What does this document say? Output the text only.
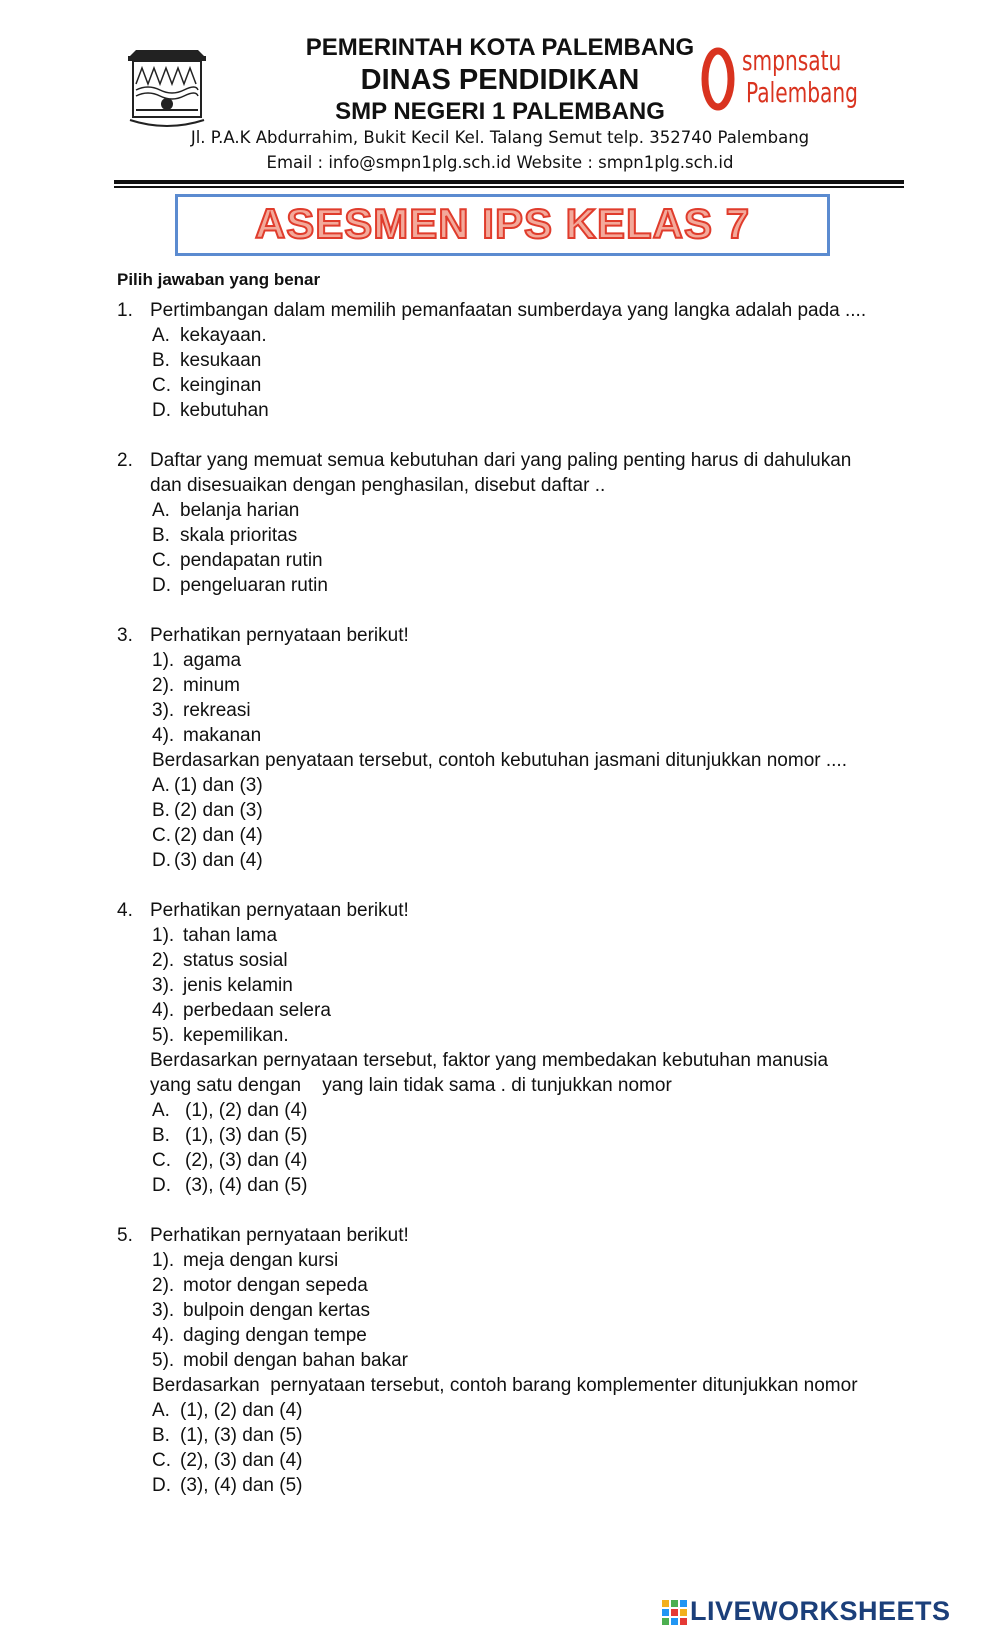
smpnsatu
Palembang
PEMERINTAH KOTA PALEMBANG
DINAS PENDIDIKAN
SMP NEGERI 1 PALEMBANG
Jl. P.A.K Abdurrahim, Bukit Kecil Kel. Talang Semut telp. 352740 Palembang
Email : info@smpn1plg.sch.id Website : smpn1plg.sch.id
ASESMEN IPS KELAS 7
Pilih jawaban yang benar
1. Pertimbangan dalam memilih pemanfaatan sumberdaya yang langka adalah pada ....
A. kekayaan.
B. kesukaan
C. keinginan
D. kebutuhan
2. Daftar yang memuat semua kebutuhan dari yang paling penting harus di dahulukan
dan disesuaikan dengan penghasilan, disebut daftar ..
A. belanja harian
B. skala prioritas
C. pendapatan rutin
D. pengeluaran rutin
3. Perhatikan pernyataan berikut!
1). agama
2). minum
3). rekreasi
4). makanan
Berdasarkan penyataan tersebut, contoh kebutuhan jasmani ditunjukkan nomor ....
A. (1) dan (3)
B. (2) dan (3)
C. (2) dan (4)
D. (3) dan (4)
4. Perhatikan pernyataan berikut!
1). tahan lama
2). status sosial
3). jenis kelamin
4). perbedaan selera
5). kepemilikan.
Berdasarkan pernyataan tersebut, faktor yang membedakan kebutuhan manusia
yang satu dengan    yang lain tidak sama . di tunjukkan nomor
A. (1), (2) dan (4)
B. (1), (3) dan (5)
C. (2), (3) dan (4)
D. (3), (4) dan (5)
5. Perhatikan pernyataan berikut!
1). meja dengan kursi
2). motor dengan sepeda
3). bulpoin dengan kertas
4). daging dengan tempe
5). mobil dengan bahan bakar
Berdasarkan  pernyataan tersebut, contoh barang komplementer ditunjukkan nomor
A. (1), (2) dan (4)
B. (1), (3) dan (5)
C. (2), (3) dan (4)
D. (3), (4) dan (5)
LIVEWORKSHEETS
